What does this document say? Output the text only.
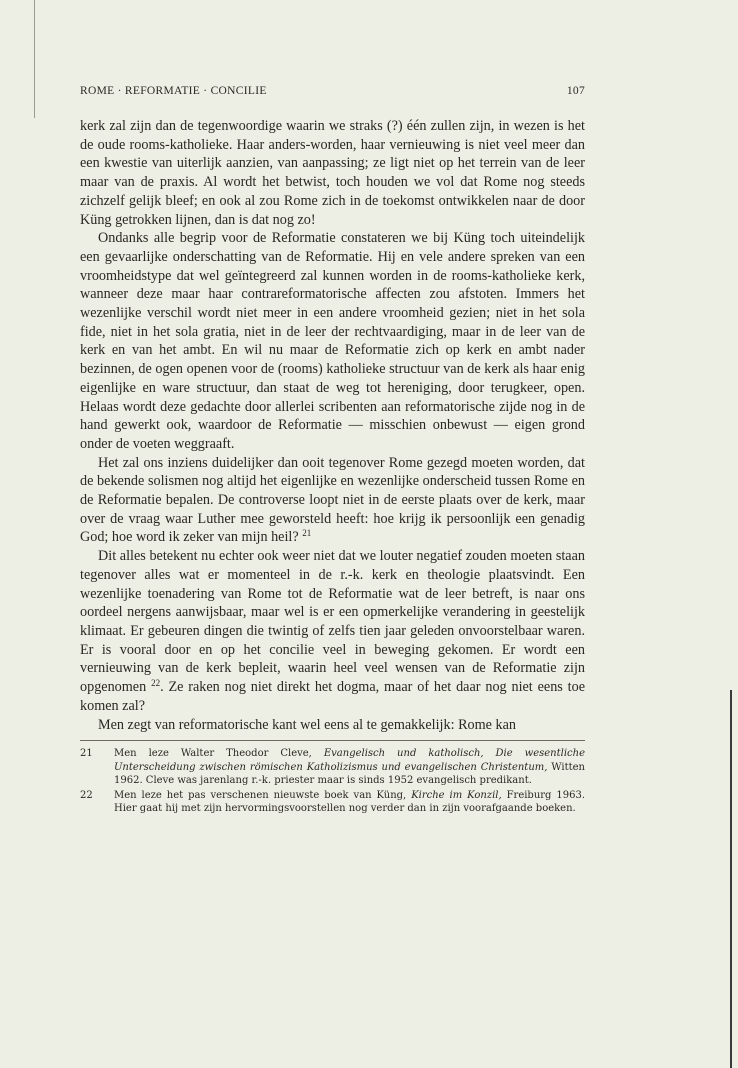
ROME · REFORMATIE · CONCILIE	107

kerk zal zijn dan de tegenwoordige waarin we straks (?) één zullen zijn, in wezen is het de oude rooms-katholieke. Haar anders-worden, haar vernieuwing is niet veel meer dan een kwestie van uiterlijk aanzien, van aanpassing; ze ligt niet op het terrein van de leer maar van de praxis. Al wordt het betwist, toch houden we vol dat Rome nog steeds zichzelf gelijk bleef; en ook al zou Rome zich in de toekomst ontwikkelen naar de door Küng getrokken lijnen, dan is dat nog zo!

Ondanks alle begrip voor de Reformatie constateren we bij Küng toch uiteindelijk een gevaarlijke onderschatting van de Reformatie. Hij en vele andere spreken van een vroomheidstype dat wel geïntegreerd zal kunnen worden in de rooms-katholieke kerk, wanneer deze maar haar contrareformatorische affecten zou afstoten. Immers het wezenlijke verschil wordt niet meer in een andere vroomheid gezien; niet in het sola fide, niet in het sola gratia, niet in de leer der rechtvaardiging, maar in de leer van de kerk en van het ambt. En wil nu maar de Reformatie zich op kerk en ambt nader bezinnen, de ogen openen voor de (rooms) katholieke structuur van de kerk als haar enig eigenlijke en ware structuur, dan staat de weg tot hereniging, door terugkeer, open. Helaas wordt deze gedachte door allerlei scribenten aan reformatorische zijde nog in de hand gewerkt ook, waardoor de Reformatie — misschien onbewust — eigen grond onder de voeten weggraaft.

Het zal ons inziens duidelijker dan ooit tegenover Rome gezegd moeten worden, dat de bekende solismen nog altijd het eigenlijke en wezenlijke onderscheid tussen Rome en de Reformatie bepalen. De controverse loopt niet in de eerste plaats over de kerk, maar over de vraag waar Luther mee geworsteld heeft: hoe krijg ik persoonlijk een genadig God; hoe word ik zeker van mijn heil? $^{21}$

Dit alles betekent nu echter ook weer niet dat we louter negatief zouden moeten staan tegenover alles wat er momenteel in de r.-k. kerk en theologie plaatsvindt. Een wezenlijke toenadering van Rome tot de Reformatie wat de leer betreft, is naar ons oordeel nergens aanwijsbaar, maar wel is er een opmerkelijke verandering in geestelijk klimaat. Er gebeuren dingen die twintig of zelfs tien jaar geleden onvoorstelbaar waren. Er is vooral door en op het concilie veel in beweging gekomen. Er wordt een vernieuwing van de kerk bepleit, waarin heel veel wensen van de Reformatie zijn opgenomen $^{22}$. Ze raken nog niet direkt het dogma, maar of het daar nog niet eens toe komen zal?

Men zegt van reformatorische kant wel eens al te gemakkelijk: Rome kan

21	Men leze Walter Theodor Cleve, Evangelisch und katholisch, Die wesentliche Unterscheidung zwischen römischen Katholizismus und evangelischen Christentum, Witten 1962. Cleve was jarenlang r.-k. priester maar is sinds 1952 evangelisch predikant.
22	Men leze het pas verschenen nieuwste boek van Küng, Kirche im Konzil, Freiburg 1963. Hier gaat hij met zijn hervormingsvoorstellen nog verder dan in zijn voorafgaande boeken.
